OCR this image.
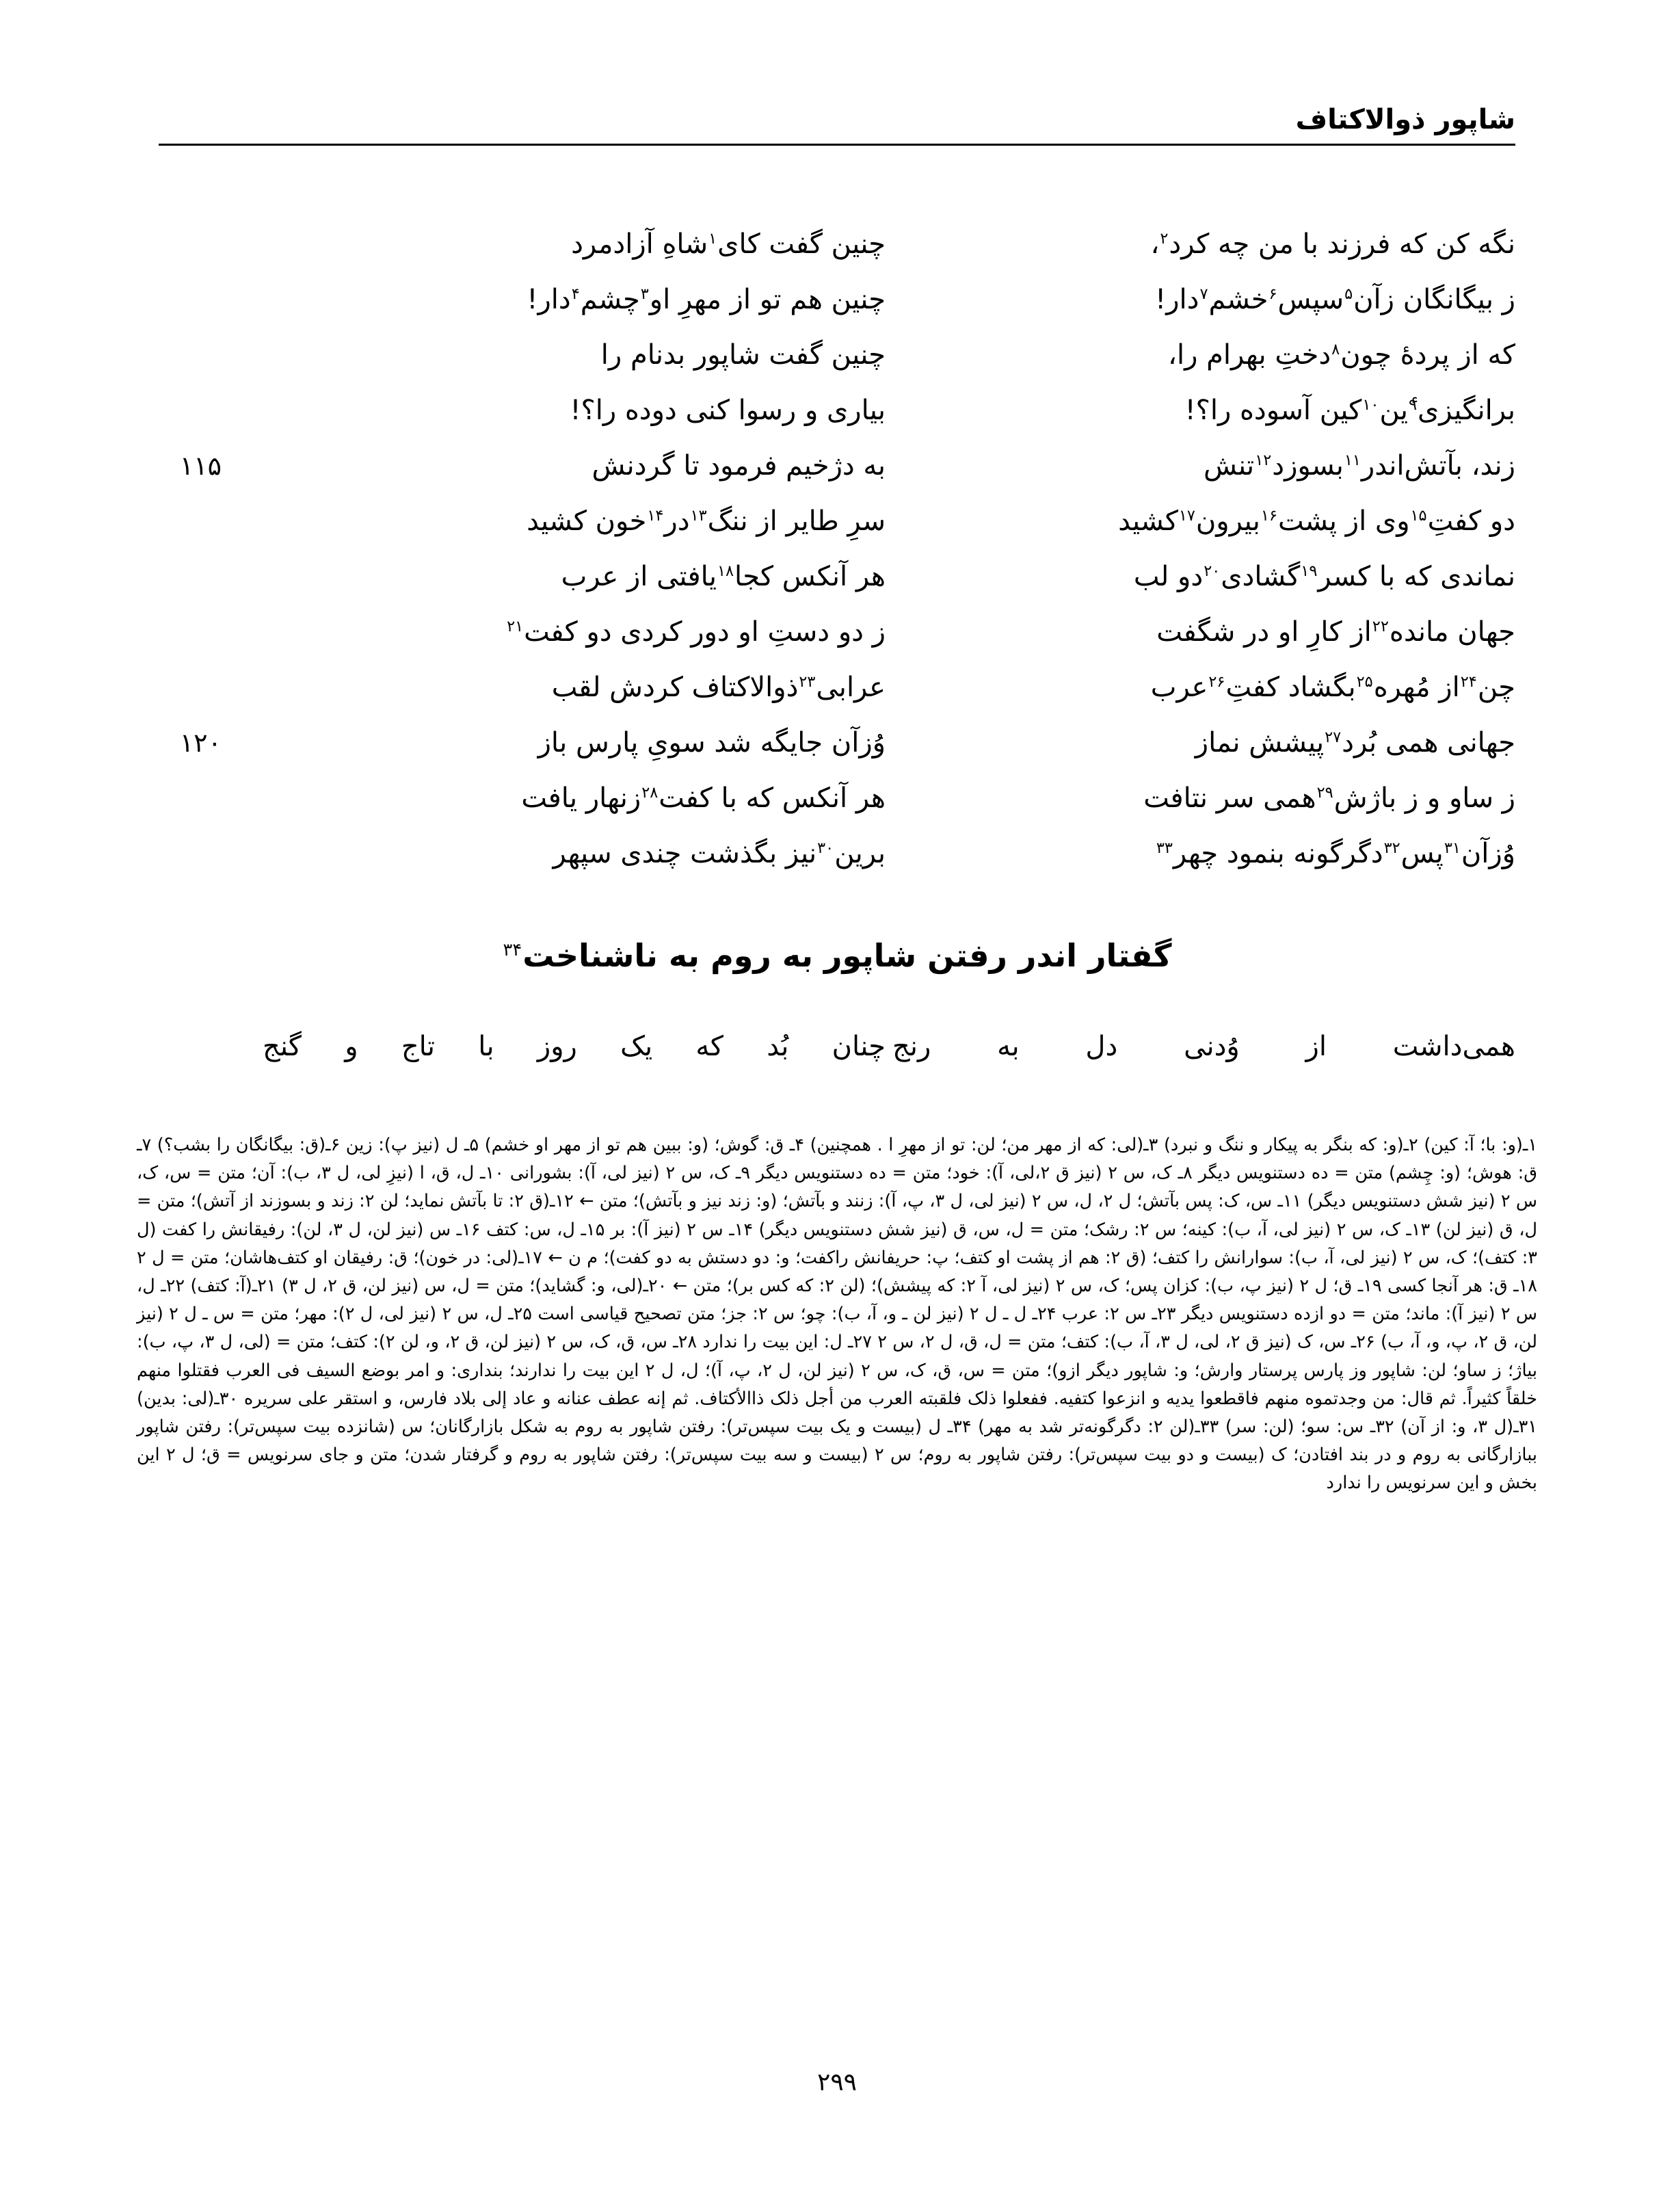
شاپور ذوالاکتاف
نگه کن که فرزند با من چه کرد$^۲$،
چنین گفت کای$^۱$شاهِ آزادمرد
ز بیگانگان زآن$^۵$سپس$^۶$خشم$^۷$دار!
چنین هم تو از مهرِ او$^۳$چشم$^۴$دار!
که از پردهٔ چون$^۸$دختِ بهرام را،
چنین گفت شاپور بدنام را
برانگیزی$^۹$ٔین$^{۱۰}$کین آسوده را؟!
بیاری و رسوا کنی دوده را؟!
زند، بآتش‌اندر$^{۱۱}$بسوزد$^{۱۲}$تنش
به دژخیم فرمود تا گردنش
۱۱۵
دو کفتِ$^{۱۵}$وی از پشت$^{۱۶}$بیرون$^{۱۷}$کشید
سرِ طایر از ننگ$^{۱۳}$در$^{۱۴}$خون کشید
نماندی که با کسر$^{۱۹}$گشادی$^{۲۰}$دو لب
هر آنکس کجا$^{۱۸}$یافتی از عرب
جهان مانده$^{۲۲}$از کارِ او در شگفت
ز دو دستِ او دور کردی دو کفت$^{۲۱}$
چن$^{۲۴}$از مُهره$^{۲۵}$بگشاد کفتِ$^{۲۶}$عرب
عرابی$^{۲۳}$ذوالاکتاف کردش لقب
جهانی همی بُرد$^{۲۷}$پیشش نماز
وُزآن جایگه شد سویِ پارس باز
۱۲۰
ز ساو و ز باژش$^{۲۹}$همی سر نتافت
هر آنکس که با کفت$^{۲۸}$زنهار یافت
وُزآن$^{۳۱}$پس$^{۳۲}$دگرگونه بنمود چهر$^{۳۳}$
برین$^{۳۰}$نیز بگذشت چندی سپهر
گفتار اندر رفتن شاپور به روم به ناشناخت$^{۳۴}$
همی‌داشت از وُدنی دل به رنج
چنان بُد که یک روز با تاج و گنج
۱ـ(و: با؛ آ: کین) ۲ـ(و: که بنگر به پیکار و ننگ و نبرد) ۳ـ(لی: که از مهر من؛ لن: تو از مهرِ ا . همچنین) ۴ـ ق: گوش؛ (و: ببین هم تو از مهر او خشم) ۵ـ ل (نیز پ): زین ۶ـ(ق: بیگانگان را بشب؟) ۷ـ ق: هوش؛ (و: چِشم) متن = ده دستنویس دیگر ۸ـ ک، س ۲ (نیز ق ۲،لی، آ): خود؛ متن = ده دستنویس دیگر ۹ـ ک، س ۲ (نیز لی، آ): بشورانی ۱۰ـ ل، ق، ا (نیزِ لی، ل ۳، ب): آن؛ متن = س، ک، س ۲ (نیز شش دستنویس دیگر) ۱۱ـ س، ک: پس بآتش؛ ل ۲، ل، س ۲ (نیز لی، ل ۳، پ، آ): زنند و بآتش؛ (و: زند نیز و بآتش)؛ متن ← ۱۲ـ(ق ۲: تا بآتش نماید؛ لن ۲: زند و بسوزند از آتش)؛ متن = ل، ق (نیز لن) ۱۳ـ ک، س ۲ (نیز لی، آ، ب): کینه؛ س ۲: رشک؛ متن = ل، س، ق (نیز شش دستنویس دیگر) ۱۴ـ س ۲ (نیز آ): بر ۱۵ـ ل، س: کتف ۱۶ـ س (نیز لن، ل ۳، لن): رفیقانش را کفت (ل ۳: کتف)؛ ک، س ۲ (نیز لی، آ، ب): سوارانش را کتف؛ (ق ۲: هم از پشت او کتف؛ پ: حریفانش راکفت؛ و: دو دستش به دو کفت)؛ م ن ← ۱۷ـ(لی: در خون)؛ ق: رفیقان او کتف‌هاشان؛ متن = ل ۲ ۱۸ـ ق: هر آنجا کسی ۱۹ـ ق؛ ل ۲ (نیز پ، ب): کزان پس؛ ک، س ۲ (نیز لی، آ ۲: که پیشش)؛ (لن ۲: که کس بر)؛ متن ← ۲۰ـ(لی، و: گشاید)؛ متن = ل، س (نیز لن، ق ۲، ل ۳) ۲۱ـ(آ: کتف) ۲۲ـ ل، س ۲ (نیز آ): ماند؛ متن = دو ازده دستنویس دیگر ۲۳ـ س ۲: عرب ۲۴ـ ل ـ ل ۲ (نیز لن ـ و، آ، ب): چو؛ س ۲: جز؛ متن تصحیح قیاسی است ۲۵ـ ل، س ۲ (نیز لی، ل ۲): مهر؛ متن = س ـ ل ۲ (نیز لن، ق ۲، پ، و، آ، ب) ۲۶ـ س، ک (نیز ق ۲، لی، ل ۳، آ، ب): کتف؛ متن = ل، ق، ل ۲، س ۲ ۲۷ـ ل: این بیت را ندارد ۲۸ـ س، ق، ک، س ۲ (نیز لن، ق ۲، و، لن ۲): کتف؛ متن = (لی، ل ۳، پ، ب): بیاژ؛ ز ساو؛ لن: شاپور وز پارس پرستار وارش؛ و: شاپور دیگر ازو)؛ متن = س، ق، ک، س ۲ (نیز لن، ل ۲، پ، آ)؛ ل، ل ۲ این بیت را ندارند؛ بنداری: و امر بوضع السیف فی العرب فقتلوا منهم خلقاً کثیراً. ثم قال: من وجدتموه منهم فاقطعوا یدیه و انزعوا کتفیه. ففعلوا ذلک فلقبته العرب من أجل ذلک ذاالأکتاف. ثم إنه عطف عنانه و عاد إلی بلاد فارس، و استقر علی سریره ۳۰ـ(لی: بدین) ۳۱ـ(ل ۳، و: از آن) ۳۲ـ س: سو؛ (لن: سر) ۳۳ـ(لن ۲: دگرگونه‌تر شد به مهر) ۳۴ـ ل (بیست و یک بیت سپس‌تر): رفتن شاپور به روم به شکل بازارگانان؛ س (شانزده بیت سپس‌تر): رفتن شاپور ببازارگانی به روم و در بند افتادن؛ ک (بیست و دو بیت سپس‌تر): رفتن شاپور به روم؛ س ۲ (بیست و سه بیت سپس‌تر): رفتن شاپور به روم و گرفتار شدن؛ متن و جای سرنویس = ق؛ ل ۲ این بخش و این سرنویس را ندارد
۲۹۹
